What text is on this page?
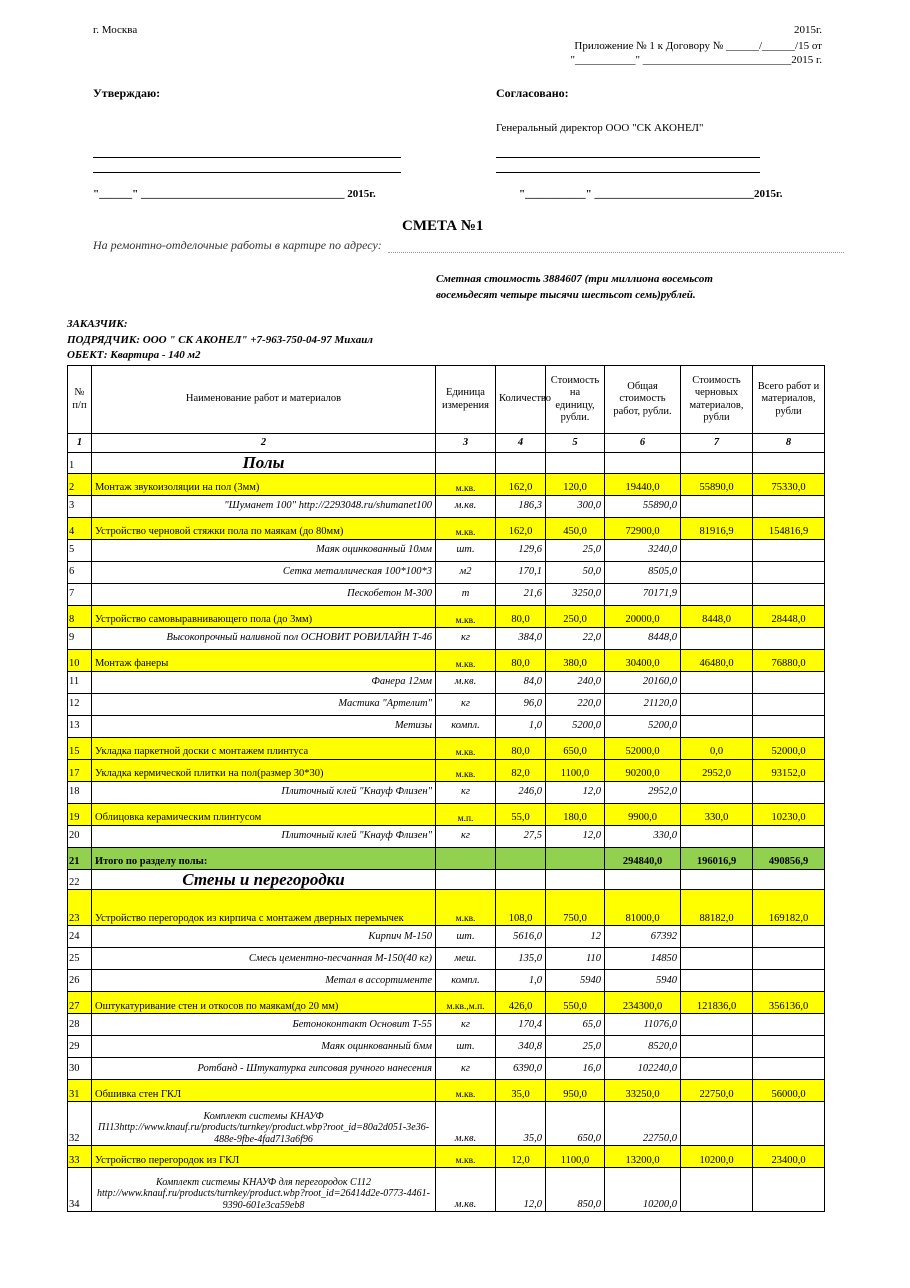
г. Москва	2015г.
Приложение № 1 к Договору № ______/______/15 от
"___________" ___________________________2015 г.
Утверждаю:	Согласовано:
Генеральный директор ООО "СК АКОНЕЛ"
"______" _____________________________________ 2015г.	"___________" _____________________________2015г.
СМЕТА №1
На ремонтно-отделочные работы в картире по адресу:
Сметная стоимость 3884607 (три миллиона восемьсот
восемьдесят четыре тысячи шестьсот семь)рублей.
ЗАКАЗЧИК:
ПОДРЯДЧИК: ООО " СК АКОНЕЛ" +7-963-750-04-97 Михаил
ОБЕКТ: Квартира - 140 м2
№ п/п	Наименование работ и материалов	Единица измерения	Количество	Стоимость на единицу, рубли.	Общая стоимость работ, рубли.	Стоимость черновых материалов, рубли	Всего работ и материалов, рубли
1	2	3	4	5	6	7	8
1	Полы						
2	Монтаж звукоизоляции на пол (3мм)	м.кв.	162,0	120,0	19440,0	55890,0	75330,0
3	"Шуманет 100" http://2293048.ru/shumanet100	м.кв.	186,3	300,0	55890,0		
4	Устройство черновой стяжки пола по маякам (до 80мм)	м.кв.	162,0	450,0	72900,0	81916,9	154816,9
5	Маяк оцинкованный 10мм	шт.	129,6	25,0	3240,0		
6	Сетка металлическая 100*100*3	м2	170,1	50,0	8505,0		
7	Пескобетон М-300	т	21,6	3250,0	70171,9		
8	Устройство самовыравнивающего пола (до 3мм)	м.кв.	80,0	250,0	20000,0	8448,0	28448,0
9	Высокопрочный наливной пол ОСНОВИТ РОВИЛАЙН Т-46	кг	384,0	22,0	8448,0		
10	Монтаж фанеры	м.кв.	80,0	380,0	30400,0	46480,0	76880,0
11	Фанера 12мм	м.кв.	84,0	240,0	20160,0		
12	Мастика "Артелит"	кг	96,0	220,0	21120,0		
13	Метизы	компл.	1,0	5200,0	5200,0		
15	Укладка паркетной доски с монтажем плинтуса	м.кв.	80,0	650,0	52000,0	0,0	52000,0
17	Укладка кермической плитки на пол(размер 30*30)	м.кв.	82,0	1100,0	90200,0	2952,0	93152,0
18	Плиточный клей "Кнауф Флизен"	кг	246,0	12,0	2952,0		
19	Облицовка керамическим плинтусом	м.п.	55,0	180,0	9900,0	330,0	10230,0
20	Плиточный клей "Кнауф Флизен"	кг	27,5	12,0	330,0		
21	Итого по разделу полы:				294840,0	196016,9	490856,9
22	Стены и перегородки						
23	Устройство перегородок из кирпича с монтажем дверных перемычек	м.кв.	108,0	750,0	81000,0	88182,0	169182,0
24	Кирпич М-150	шт.	5616,0	12	67392		
25	Смесь цементно-песчанная М-150(40 кг)	меш.	135,0	110	14850		
26	Метал в ассортименте	компл.	1,0	5940	5940		
27	Оштукатуривание стен и откосов по маякам(до 20 мм)	м.кв.,м.п.	426,0	550,0	234300,0	121836,0	356136,0
28	Бетоноконтакт Основит Т-55	кг	170,4	65,0	11076,0		
29	Маяк оцинкованный 6мм	шт.	340,8	25,0	8520,0		
30	Ротбанд - Штукатурка гипсовая ручного нанесения	кг	6390,0	16,0	102240,0		
31	Обшивка стен ГКЛ	м.кв.	35,0	950,0	33250,0	22750,0	56000,0
32	Комплект системы КНАУФ П113http://www.knauf.ru/products/turnkey/product.wbp?root_id=80a2d051-3e36-488e-9fbe-4fad713a6f96	м.кв.	35,0	650,0	22750,0		
33	Устройство перегородок из ГКЛ	м.кв.	12,0	1100,0	13200,0	10200,0	23400,0
34	Комплект системы КНАУФ для перегородок С112 http://www.knauf.ru/products/turnkey/product.wbp?root_id=26414d2e-0773-4461-9390-601e3ca59eb8	м.кв.	12,0	850,0	10200,0		
